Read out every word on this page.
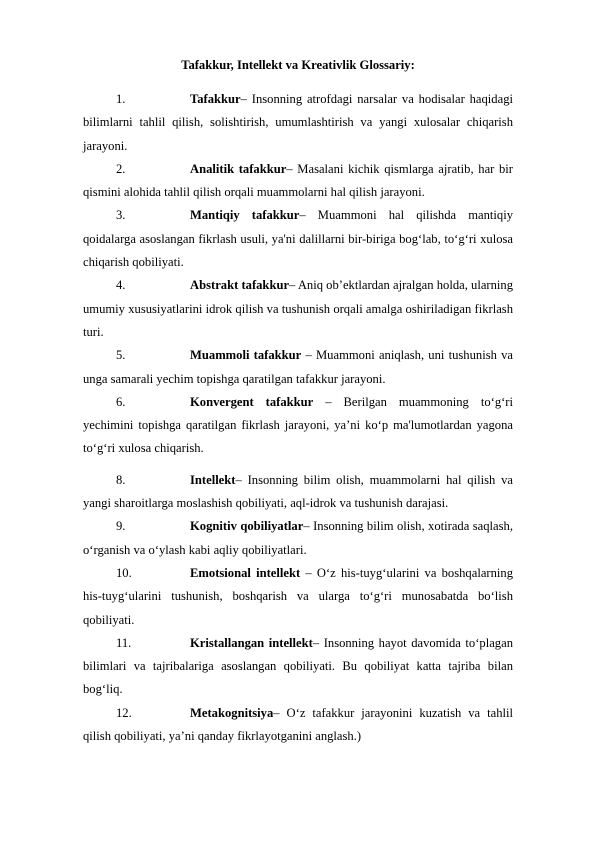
Tafakkur, Intellekt va Kreativlik Glossariy:

1.	Tafakkur– Insonning atrofdagi narsalar va hodisalar haqidagi bilimlarni tahlil qilish, solishtirish, umumlashtirish va yangi xulosalar chiqarish jarayoni.

2.	Analitik tafakkur– Masalani kichik qismlarga ajratib, har bir qismini alohida tahlil qilish orqali muammolarni hal qilish jarayoni.

3.	Mantiqiy tafakkur– Muammoni hal qilishda mantiqiy qoidalarga asoslangan fikrlash usuli, ya'ni dalillarni bir-biriga bog‘lab, to‘g‘ri xulosa chiqarish qobiliyati.

4.	Abstrakt tafakkur– Aniq ob’ektlardan ajralgan holda, ularning umumiy xususiyatlarini idrok qilish va tushunish orqali amalga oshiriladigan fikrlash turi.

5.	Muammoli tafakkur – Muammoni aniqlash, uni tushunish va unga samarali yechim topishga qaratilgan tafakkur jarayoni.

6.	Konvergent tafakkur – Berilgan muammoning to‘g‘ri yechimini topishga qaratilgan fikrlash jarayoni, ya’ni ko‘p ma'lumotlardan yagona to‘g‘ri xulosa chiqarish.

8.	Intellekt– Insonning bilim olish, muammolarni hal qilish va yangi sharoitlarga moslashish qobiliyati, aql-idrok va tushunish darajasi.

9.	Kognitiv qobiliyatlar– Insonning bilim olish, xotirada saqlash, o‘rganish va o‘ylash kabi aqliy qobiliyatlari.

10.	Emotsional intellekt – O‘z his-tuyg‘ularini va boshqalarning his-tuyg‘ularini tushunish, boshqarish va ularga to‘g‘ri munosabatda bo‘lish qobiliyati.

11.	Kristallangan intellekt– Insonning hayot davomida to‘plagan bilimlari va tajribalariga asoslangan qobiliyati. Bu qobiliyat katta tajriba bilan bog‘liq.

12.	Metakognitsiya– O‘z tafakkur jarayonini kuzatish va tahlil qilish qobiliyati, ya’ni qanday fikrlayotganini anglash.)
